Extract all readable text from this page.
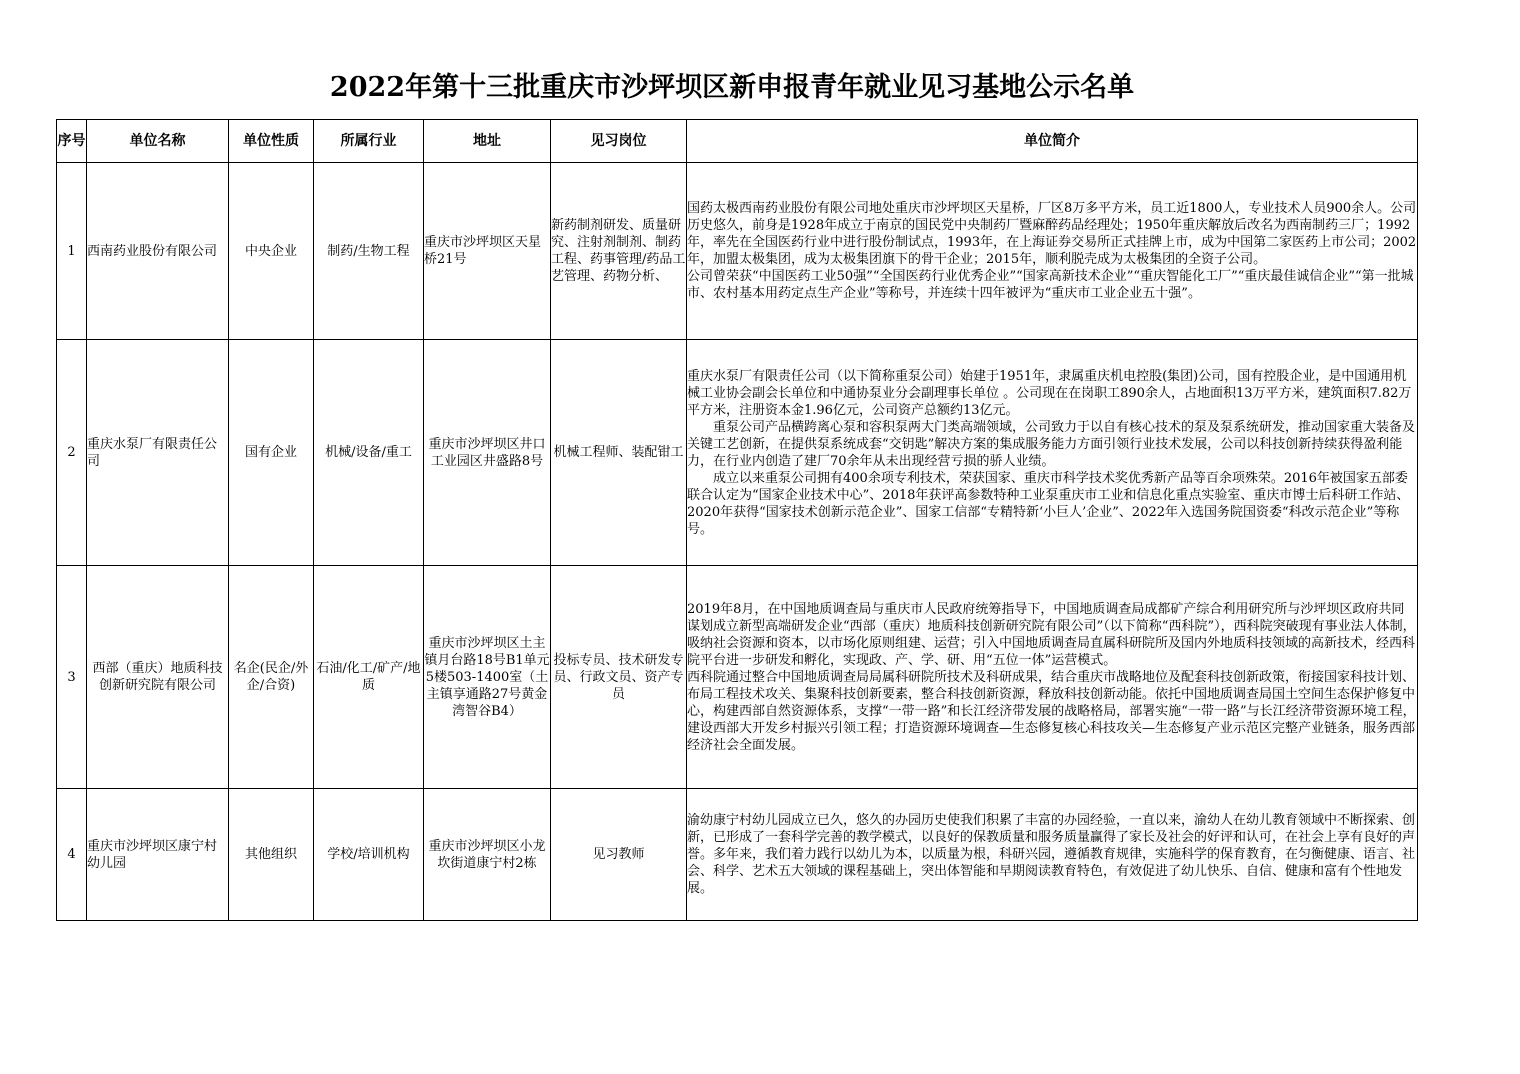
2022年第十三批重庆市沙坪坝区新申报青年就业见习基地公示名单
序号	单位名称	单位性质	所属行业	地址	见习岗位	单位简介
1	西南药业股份有限公司	中央企业	制药/生物工程	重庆市沙坪坝区天星桥21号	新药制剂研发、质量研究、注射剂制剂、制药工程、药事管理/药品工艺管理、药物分析、	国药太极西南药业股份有限公司地处重庆市沙坪坝区天星桥，厂区8万多平方米，员工近1800人，专业技术人员900余人。公司历史悠久，前身是1928年成立于南京的国民党中央制药厂暨麻醉药品经理处；1950年重庆解放后改名为西南制药三厂；1992年，率先在全国医药行业中进行股份制试点，1993年，在上海证券交易所正式挂牌上市，成为中国第二家医药上市公司；2002年，加盟太极集团，成为太极集团旗下的骨干企业；2015年，顺利脱壳成为太极集团的全资子公司。
公司曾荣获“中国医药工业50强”“全国医药行业优秀企业”“国家高新技术企业”“重庆智能化工厂”“重庆最佳诚信企业”“第一批城市、农村基本用药定点生产企业”等称号，并连续十四年被评为“重庆市工业企业五十强”。

2	重庆水泵厂有限责任公司	国有企业	机械/设备/重工	重庆市沙坪坝区井口工业园区井盛路8号	机械工程师、装配钳工	重庆水泵厂有限责任公司（以下简称重泵公司）始建于1951年，隶属重庆机电控股(集团)公司，国有控股企业，是中国通用机械工业协会副会长单位和中通协泵业分会副理事长单位 。公司现在在岗职工890余人，占地面积13万平方米，建筑面积7.82万平方米，注册资本金1.96亿元，公司资产总额约13亿元。
重泵公司产品横跨离心泵和容积泵两大门类高端领域，公司致力于以自有核心技术的泵及泵系统研发，推动国家重大装备及关键工艺创新，在提供泵系统成套“交钥匙”解决方案的集成服务能力方面引领行业技术发展，公司以科技创新持续获得盈利能力，在行业内创造了建厂70余年从未出现经营亏损的骄人业绩。
成立以来重泵公司拥有400余项专利技术，荣获国家、重庆市科学技术奖优秀新产品等百余项殊荣。2016年被国家五部委联合认定为“国家企业技术中心”、2018年获评高参数特种工业泵重庆市工业和信息化重点实验室、重庆市博士后科研工作站、2020年获得“国家技术创新示范企业”、国家工信部“专精特新‘小巨人’企业”、2022年入选国务院国资委“科改示范企业”等称号。

3	西部（重庆）地质科技创新研究院有限公司	名企(民企/外企/合资)	石油/化工/矿产/地质	重庆市沙坪坝区土主镇月台路18号B1单元5楼503-1400室（土主镇享通路27号黄金湾智谷B4）	投标专员、技术研发专员、行政文员、资产专员	2019年8月，在中国地质调查局与重庆市人民政府统筹指导下，中国地质调查局成都矿产综合利用研究所与沙坪坝区政府共同谋划成立新型高端研发企业“西部（重庆）地质科技创新研究院有限公司”（以下简称“西科院”），西科院突破现有事业法人体制，吸纳社会资源和资本，以市场化原则组建、运营；引入中国地质调查局直属科研院所及国内外地质科技领域的高新技术，经西科院平台进一步研发和孵化，实现政、产、学、研、用“五位一体”运营模式。
西科院通过整合中国地质调查局局属科研院所技术及科研成果，结合重庆市战略地位及配套科技创新政策，衔接国家科技计划、布局工程技术攻关、集聚科技创新要素，整合科技创新资源，释放科技创新动能。依托中国地质调查局国土空间生态保护修复中心，构建西部自然资源体系，支撑“一带一路”和长江经济带发展的战略格局，部署实施“一带一路”与长江经济带资源环境工程，建设西部大开发乡村振兴引领工程；打造资源环境调查—生态修复核心科技攻关—生态修复产业示范区完整产业链条，服务西部经济社会全面发展。

4	重庆市沙坪坝区康宁村幼儿园	其他组织	学校/培训机构	重庆市沙坪坝区小龙坎街道康宁村2栋	见习教师	渝幼康宁村幼儿园成立已久，悠久的办园历史使我们积累了丰富的办园经验，一直以来，渝幼人在幼儿教育领域中不断探索、创新，已形成了一套科学完善的教学模式，以良好的保教质量和服务质量赢得了家长及社会的好评和认可，在社会上享有良好的声誉。多年来，我们着力践行以幼儿为本，以质量为根，科研兴园，遵循教育规律，实施科学的保育教育，在匀衡健康、语言、社会、科学、艺术五大领域的课程基础上，突出体智能和早期阅读教育特色，有效促进了幼儿快乐、自信、健康和富有个性地发展。
